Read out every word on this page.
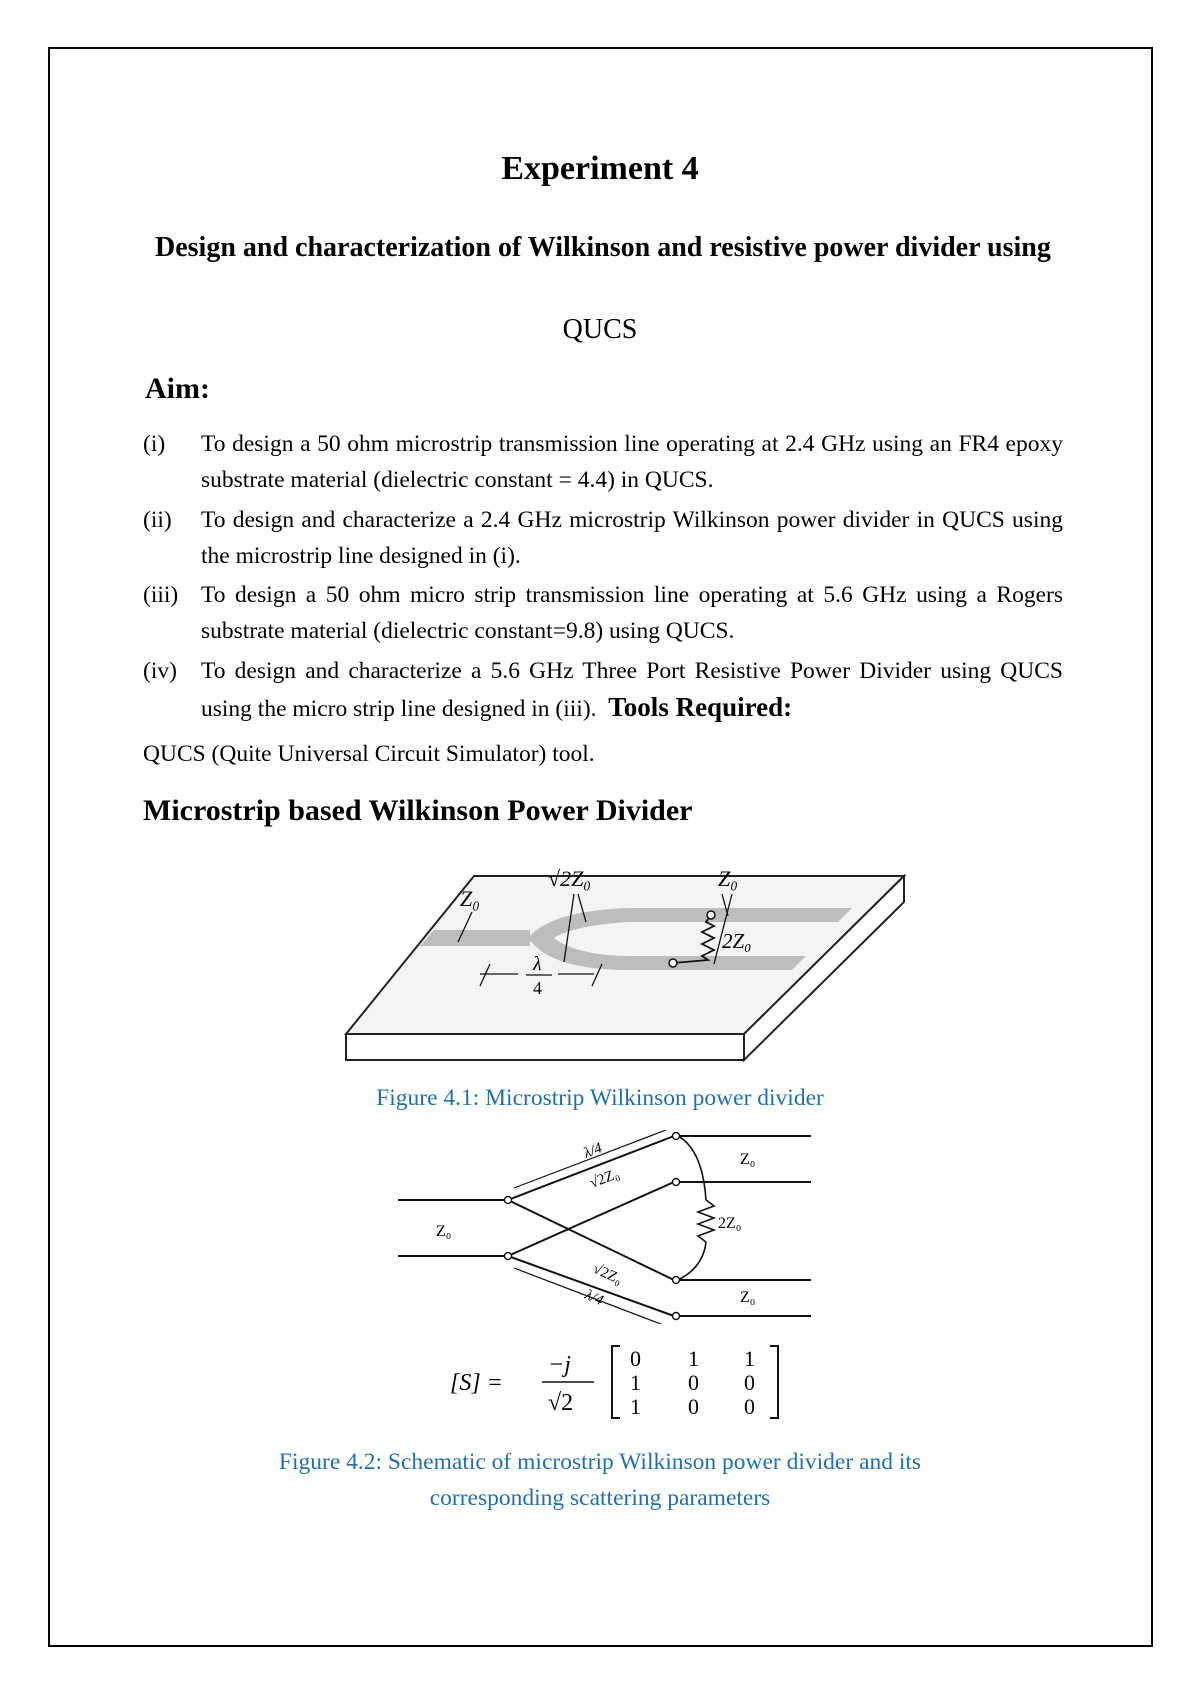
Experiment 4
Design and characterization of Wilkinson and resistive power divider using
QUCS
Aim:
(i) To design a 50 ohm microstrip transmission line operating at 2.4 GHz using an FR4 epoxy substrate material (dielectric constant = 4.4) in QUCS.
(ii) To design and characterize a 2.4 GHz microstrip Wilkinson power divider in QUCS using the microstrip line designed in (i).
(iii) To design a 50 ohm micro strip transmission line operating at 5.6 GHz using a Rogers substrate material (dielectric constant=9.8) using QUCS.
(iv) To design and characterize a 5.6 GHz Three Port Resistive Power Divider using QUCS using the micro strip line designed in (iii). Tools Required:
QUCS (Quite Universal Circuit Simulator) tool.
Microstrip based Wilkinson Power Divider
Z₀
√2Z₀	Z₀
2Z₀
λ
4
Figure 4.1: Microstrip Wilkinson power divider
λ/4
√2Z₀
Z₀
Z₀
2Z₀
√2Z₀
λ/4	Z₀
[S] =
−j
√2
0 1 1
1 0 0
1 0 0
Figure 4.2: Schematic of microstrip Wilkinson power divider and its
corresponding scattering parameters
